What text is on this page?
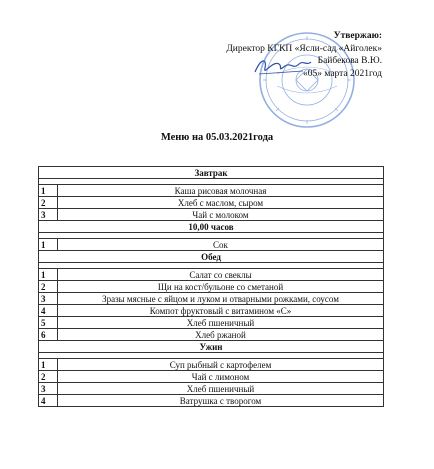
Утвержаю:
Директор КГКП «Ясли-сад «Айголек»
Байбекова В.Ю.
«05» марта 2021год
Меню на 05.03.2021года
Завтрак	

1	Каша рисовая молочная
2	Хлеб с маслом, сыром
3	Чай с молоком
10,00 часов	

1	Сок
Обед	

1	Салат со свеклы
2	Щи на кост/бульоне со сметаной
3	Зразы мясные с яйцом и луком и отварными рожками, соусом
4	Компот фруктовый с витамином «С»
5	Хлеб пшеничный
6	Хлеб ржаной
Ужин	

1	Суп рыбный с картофелем
2	Чай с лимоном
3	Хлеб пшеничный
4	Ватрушка с творогом
